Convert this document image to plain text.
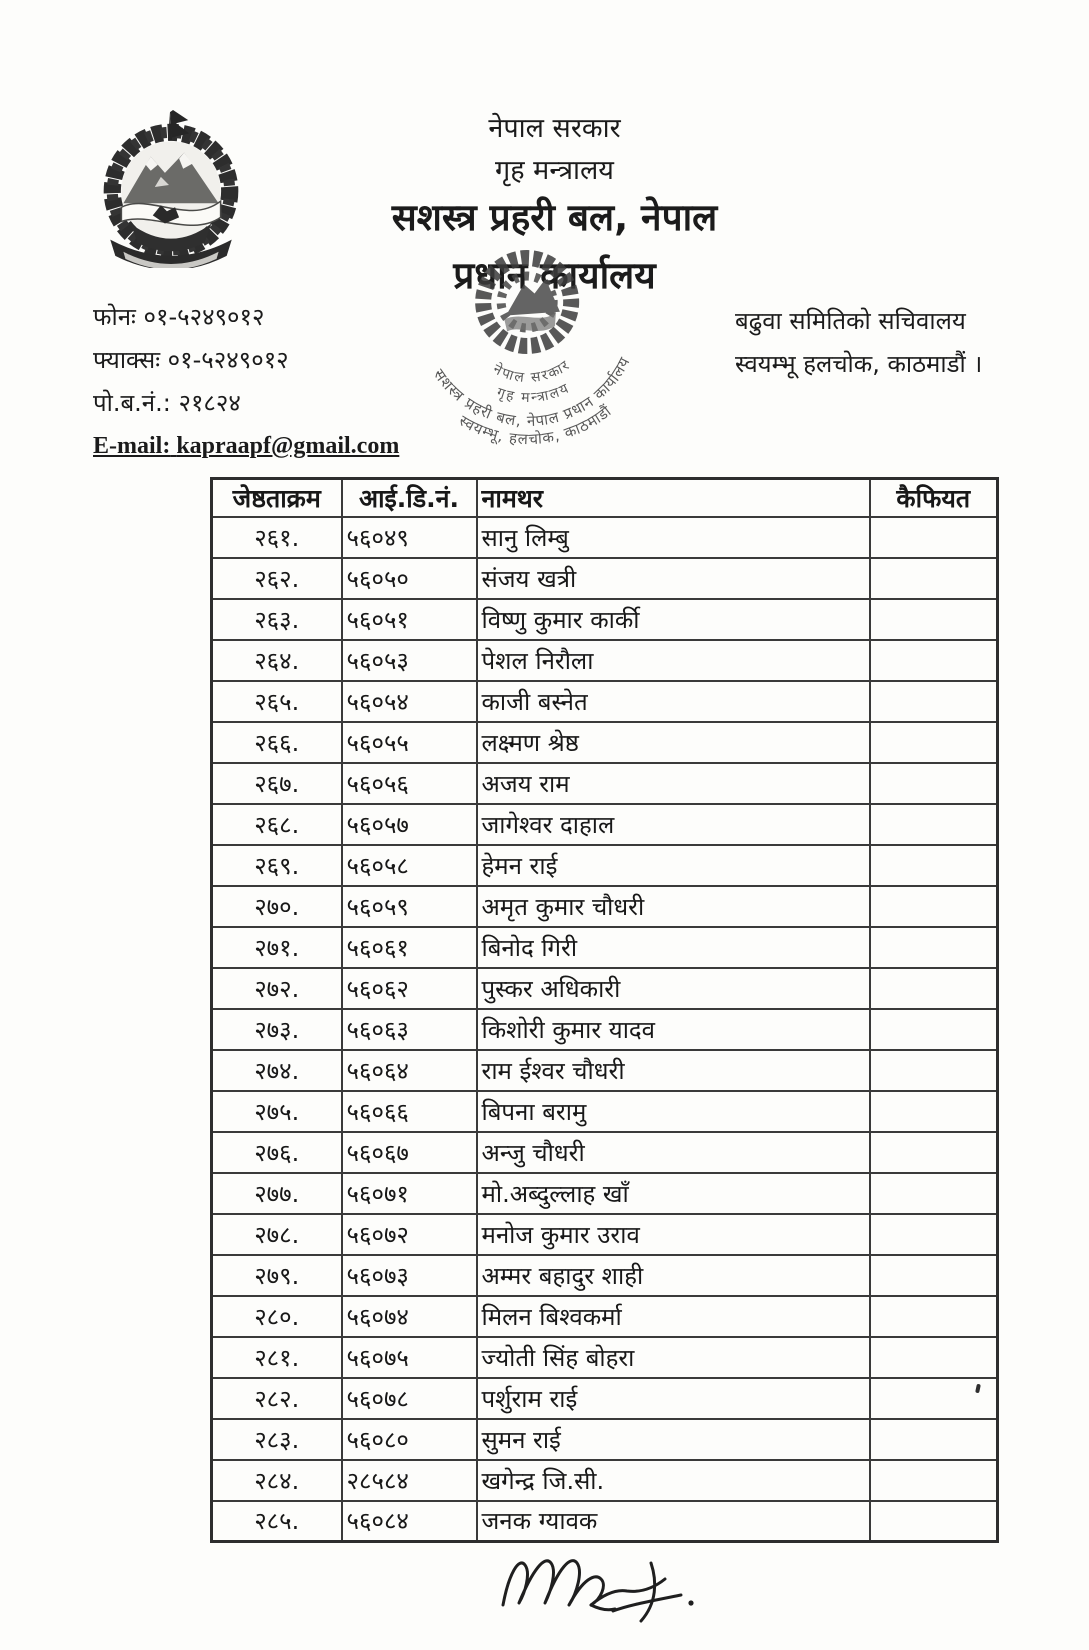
नेपाल सरकार
गृह मन्त्रालय
सशस्त्र प्रहरी बल, नेपाल
प्रधान कार्यालय
फोनः ०१-५२४९०१२
फ्याक्सः ०१-५२४९०१२
पो.ब.नं.: २१८२४
E-mail: kapraapf@gmail.com
बढुवा समितिको सचिवालय
स्वयम्भू हलचोक, काठमाडौं ।
नेपाल सरकार
गृह मन्त्रालय
सशस्त्र प्रहरी बल, नेपाल प्रधान कार्यालय
स्वयम्भू, हलचोक, काठमाडौं
जेष्ठताक्रम	आई.डि.नं.	नामथर	कैफियत
२६१.	५६०४९	सानु लिम्बु	
२६२.	५६०५०	संजय खत्री	
२६३.	५६०५१	विष्णु कुमार कार्की	
२६४.	५६०५३	पेशल निरौला	
२६५.	५६०५४	काजी बस्नेत	
२६६.	५६०५५	लक्ष्मण श्रेष्ठ	
२६७.	५६०५६	अजय राम	
२६८.	५६०५७	जागेश्वर दाहाल	
२६९.	५६०५८	हेमन राई	
२७०.	५६०५९	अमृत कुमार चौधरी	
२७१.	५६०६१	बिनोद गिरी	
२७२.	५६०६२	पुस्कर अधिकारी	
२७३.	५६०६३	किशोरी कुमार यादव	
२७४.	५६०६४	राम ईश्वर चौधरी	
२७५.	५६०६६	बिपना बरामु	
२७६.	५६०६७	अन्जु चौधरी	
२७७.	५६०७१	मो.अब्दुल्लाह खाँ	
२७८.	५६०७२	मनोज कुमार उराव	
२७९.	५६०७३	अम्मर बहादुर शाही	
२८०.	५६०७४	मिलन बिश्वकर्मा	
२८१.	५६०७५	ज्योती सिंह बोहरा	
२८२.	५६०७८	पर्शुराम राई	
२८३.	५६०८०	सुमन राई	
२८४.	२८५८४	खगेन्द्र जि.सी.	
२८५.	५६०८४	जनक ग्यावक	
